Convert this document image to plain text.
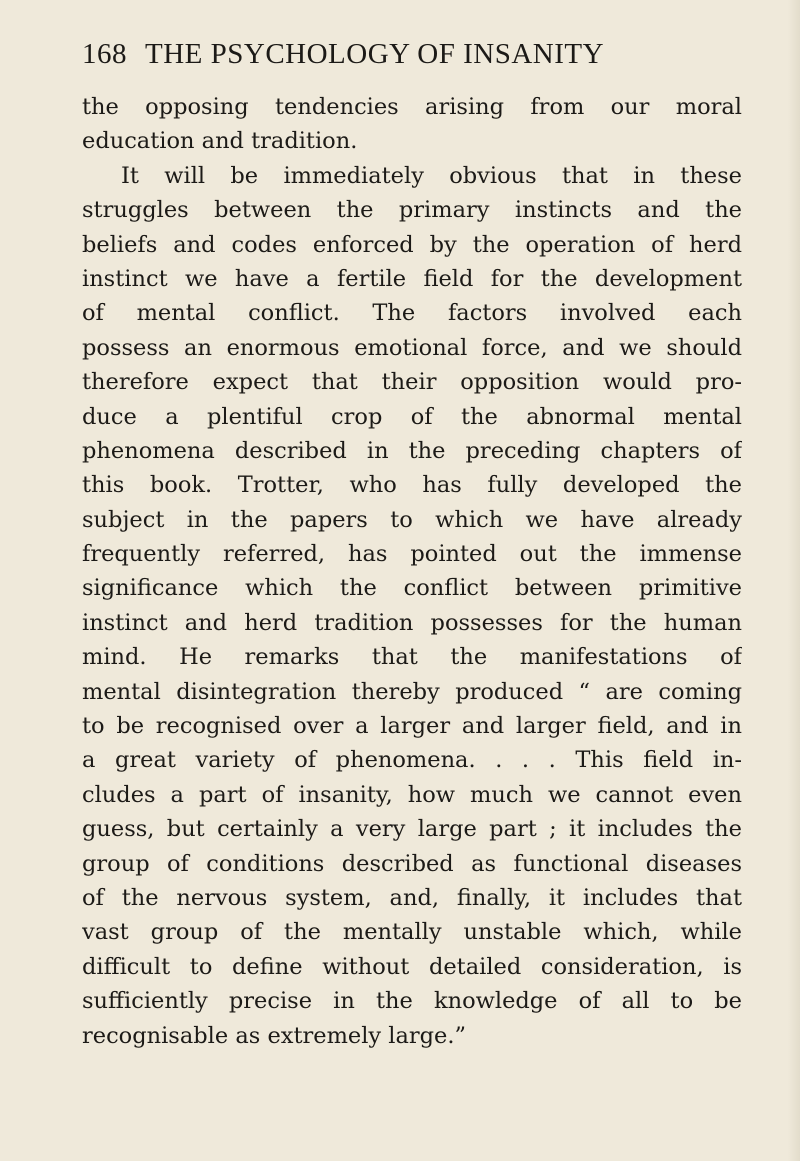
168 THE PSYCHOLOGY OF INSANITY
the opposing tendencies arising from our moral
education and tradition.
It will be immediately obvious that in these
struggles between the primary instincts and the
beliefs and codes enforced by the operation of herd
instinct we have a fertile field for the development
of mental conflict. The factors involved each
possess an enormous emotional force, and we should
therefore expect that their opposition would pro-
duce a plentiful crop of the abnormal mental
phenomena described in the preceding chapters of
this book. Trotter, who has fully developed the
subject in the papers to which we have already
frequently referred, has pointed out the immense
significance which the conflict between primitive
instinct and herd tradition possesses for the human
mind. He remarks that the manifestations of
mental disintegration thereby produced “ are coming
to be recognised over a larger and larger field, and in
a great variety of phenomena. . . . This field in-
cludes a part of insanity, how much we cannot even
guess, but certainly a very large part ; it includes the
group of conditions described as functional diseases
of the nervous system, and, finally, it includes that
vast group of the mentally unstable which, while
difficult to define without detailed consideration, is
sufficiently precise in the knowledge of all to be
recognisable as extremely large.”
